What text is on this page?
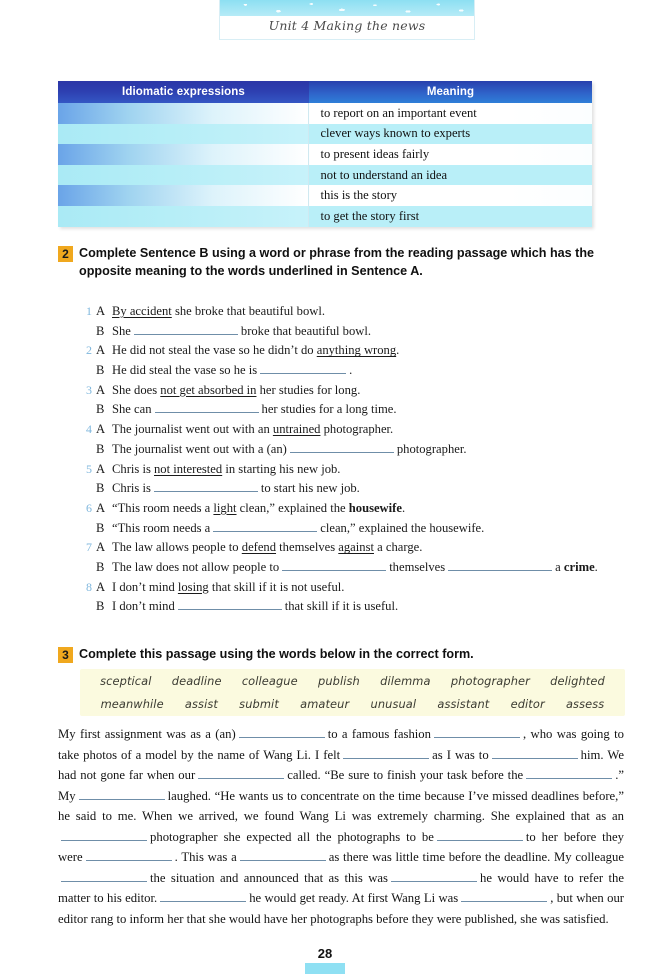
Unit 4 Making the news
Idiomatic expressions	Meaning
	to report on an important event
	clever ways known to experts
	to present ideas fairly
	not to understand an idea
	this is the story
	to get the story first
2 Complete Sentence B using a word or phrase from the reading passage which has the opposite meaning to the words underlined in Sentence A.
1 A By accident she broke that beautiful bowl.
B She	broke that beautiful bowl.
2 A He did not steal the vase so he didn’t do anything wrong.
B He did steal the vase so he is	.
3 A She does not get absorbed in her studies for long.
B She can	her studies for a long time.
4 A The journalist went out with an untrained photographer.
B The journalist went out with a (an)	photographer.
5 A Chris is not interested in starting his new job.
B Chris is	to start his new job.
6 A “This room needs a light clean,” explained the housewife.
B “This room needs a	clean,” explained the housewife.
7 A The law allows people to defend themselves against a charge.
B The law does not allow people to	themselves	a crime.
8 A I don’t mind losing that skill if it is not useful.
B I don’t mind	that skill if it is useful.
3 Complete this passage using the words below in the correct form.
sceptical deadline colleague publish dilemma photographer delighted
meanwhile assist submit amateur unusual assistant editor assess
My first assignment was as a (an)	to a famous fashion	, who was going to take photos of a model by the name of Wang Li. I felt	as I was to	him. We had not gone far when our	called. “Be sure to finish your task before the	.” My	laughed. “He wants us to concentrate on the time because I’ve missed deadlines before,” he said to me. When we arrived, we found Wang Li was extremely charming. She explained that as anphotographer she expected all the photographs to be	to her before they were	. This was a	as there was little time before the deadline. My colleaguethe situation and announced that as this was	he would have to refer the matter to his editor.	he would get ready. At first Wang Li was	, but when our editor rang to inform her that she would have her photographs before they were published, she was satisfied.
28
